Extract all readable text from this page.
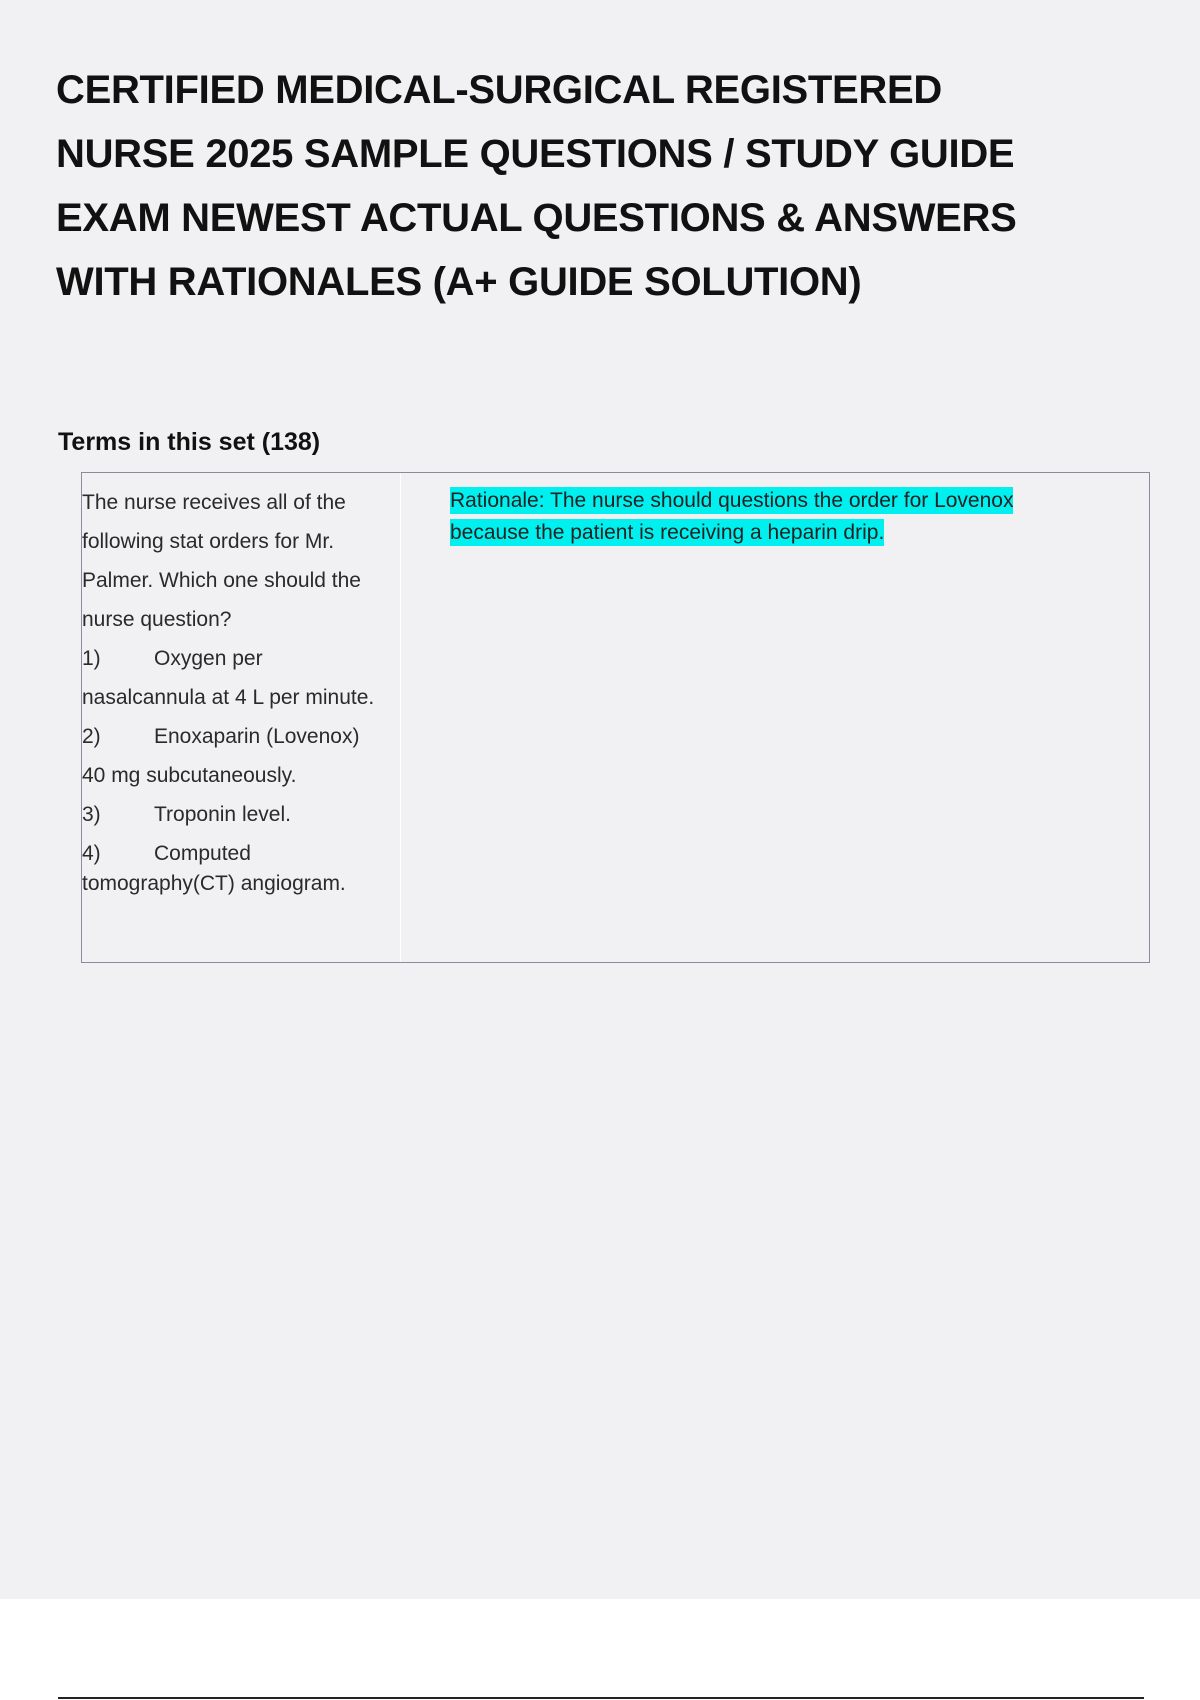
CERTIFIED MEDICAL-SURGICAL REGISTERED
NURSE 2025 SAMPLE QUESTIONS / STUDY GUIDE
EXAM NEWEST ACTUAL QUESTIONS & ANSWERS
WITH RATIONALES (A+ GUIDE SOLUTION)
Terms in this set (138)

The nurse receives all of the following stat orders for Mr. Palmer. Which one should the nurse question?

1)	Oxygen per nasalcannula at 4 L per minute.
2)	Enoxaparin (Lovenox) 40 mg subcutaneously.
3)	Troponin level.
4)	Computed tomography(CT) angiogram.
Rationale: The nurse should questions the order for Lovenox because the patient is receiving a heparin drip.
